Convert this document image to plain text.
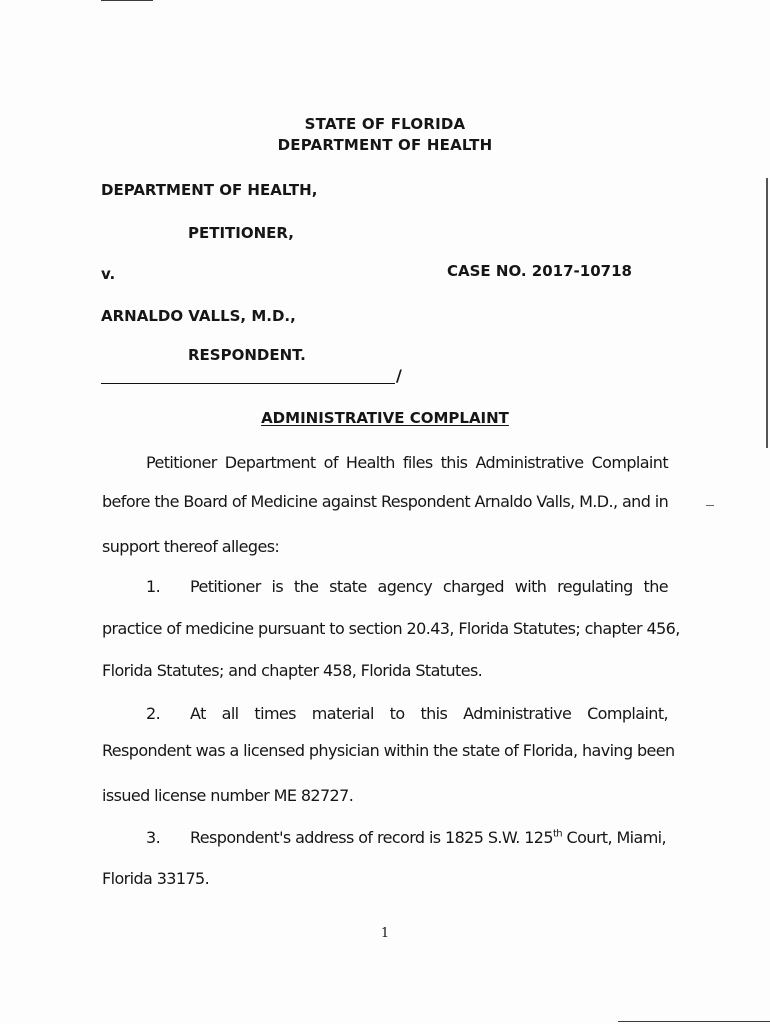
STATE OF FLORIDA
DEPARTMENT OF HEALTH
DEPARTMENT OF HEALTH,
PETITIONER,
v.	CASE NO. 2017-10718
ARNALDO VALLS, M.D.,
RESPONDENT.
/
ADMINISTRATIVE COMPLAINT
Petitioner Department of Health files this Administrative Complaint
before the Board of Medicine against Respondent Arnaldo Valls, M.D., and in
support thereof alleges:
1. Petitioner is the state agency charged with regulating the
practice of medicine pursuant to section 20.43, Florida Statutes; chapter 456,
Florida Statutes; and chapter 458, Florida Statutes.
2. At all times material to this Administrative Complaint,
Respondent was a licensed physician within the state of Florida, having been
issued license number ME 82727.
3. Respondent's address of record is 1825 S.W. 125th Court, Miami,
Florida 33175.
1
